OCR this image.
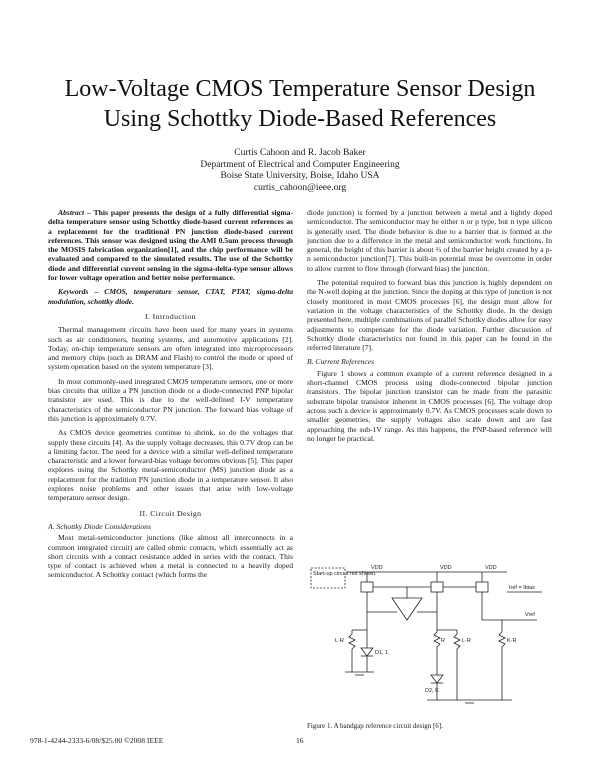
Low-Voltage CMOS Temperature Sensor Design
Using Schottky Diode-Based References
Curtis Cahoon and R. Jacob Baker
Department of Electrical and Computer Engineering
Boise State University, Boise, Idaho USA
curtis_cahoon@ieee.org

Abstract – This paper presents the design of a fully differential sigma-delta temperature sensor using Schottky diode-based current references as a replacement for the traditional PN junction diode-based current references. This sensor was designed using the AMI 0.5um process through the MOSIS fabrication organization[1], and the chip performance will be evaluated and compared to the simulated results. The use of the Schottky diode and differential current sensing in the sigma-delta-type sensor allows for lower voltage operation and better noise performance.

Keywords – CMOS, temperature sensor, CTAT, PTAT, sigma-delta modulation, schottky diode.

I. Introduction

Thermal management circuits have been used for many years in systems such as air conditioners, heating systems, and automotive applications [2]. Today, on-chip temperature sensors are often integrated into microprocessors and memory chips (such as DRAM and Flash) to control the mode or speed of system operation based on the system temperature [3].

In most commonly-used integrated CMOS temperature sensors, one or more bias circuits that utilize a PN junction diode or a diode-connected PNP bipolar transistor are used. This is due to the well-defined I-V temperature characteristics of the semiconductor PN junction. The forward bias voltage of this junction is approximately 0.7V.

As CMOS device geometries continue to shrink, so do the voltages that supply these circuits [4]. As the supply voltage decreases, this 0.7V drop can be a limiting factor. The need for a device with a similar well-defined temperature characteristic and a lower forward-bias voltage becomes obvious [5]. This paper explores using the Schottky metal-semiconductor (MS) junction diode as a replacement for the tradition PN junction diode in a temperature sensor. It also explores noise problems and other issues that arise with low-voltage temperature sensor design.

II. Circuit Design

A. Schottky Diode Considerations

Most metal-semiconductor junctions (like almost all interconnects in a common integrated circuit) are called ohmic contacts, which essentially act as short circuits with a contact resistance added in series with the contact. This type of contact is achieved when a metal is connected to a heavily doped semiconductor. A Schottky contact (which forms the

diode junction) is formed by a junction between a metal and a lightly doped semiconductor. The semiconductor may be either n or p type, but n type silicon is generally used. The diode behavior is due to a barrier that is formed at the junction due to a difference in the metal and semiconductor work functions. In general, the height of this barrier is about ⅔ of the barrier height created by a p-n semiconductor junction[7]. This built-in potential must be overcome in order to allow current to flow through (forward bias) the junction.

The potential required to forward bias this junction is highly dependent on the N-well doping at the junction. Since the doping at this type of junction is not closely monitored in most CMOS processes [6], the design must allow for variation in the voltage characteristics of the Schottky diode. In the design presented here, multiple combinations of parallel Schottky diodes allow for easy adjustments to compensate for the diode variation. Further discussion of Schottky diode characteristics not found in this paper can be found in the referred literature [7].

B. Current References

Figure 1 shows a common example of a current reference designed in a short-channel CMOS process using diode-connected bipolar junction transistors. The bipolar junction transistor can be made from the parasitic substrate bipolar transistor inherent in CMOS processes [6]. The voltage drop across such a device is approximately 0.7V. As CMOS processes scale down to smaller geometries, the supply voltages also scale down and are fast approaching the sub-1V range. As this happens, the PNP-based reference will no longer be practical.

Start-up circuit not shown.
VDD	VDD	VDD
D1, 1
D2, K
R
L·R	L·R	K·R
Vref
Iref = Ibias
Figure 1. A bandgap reference circuit design [6].
978-1-4244-2333-6/08/$25.00 ©2008 IEEE	16
